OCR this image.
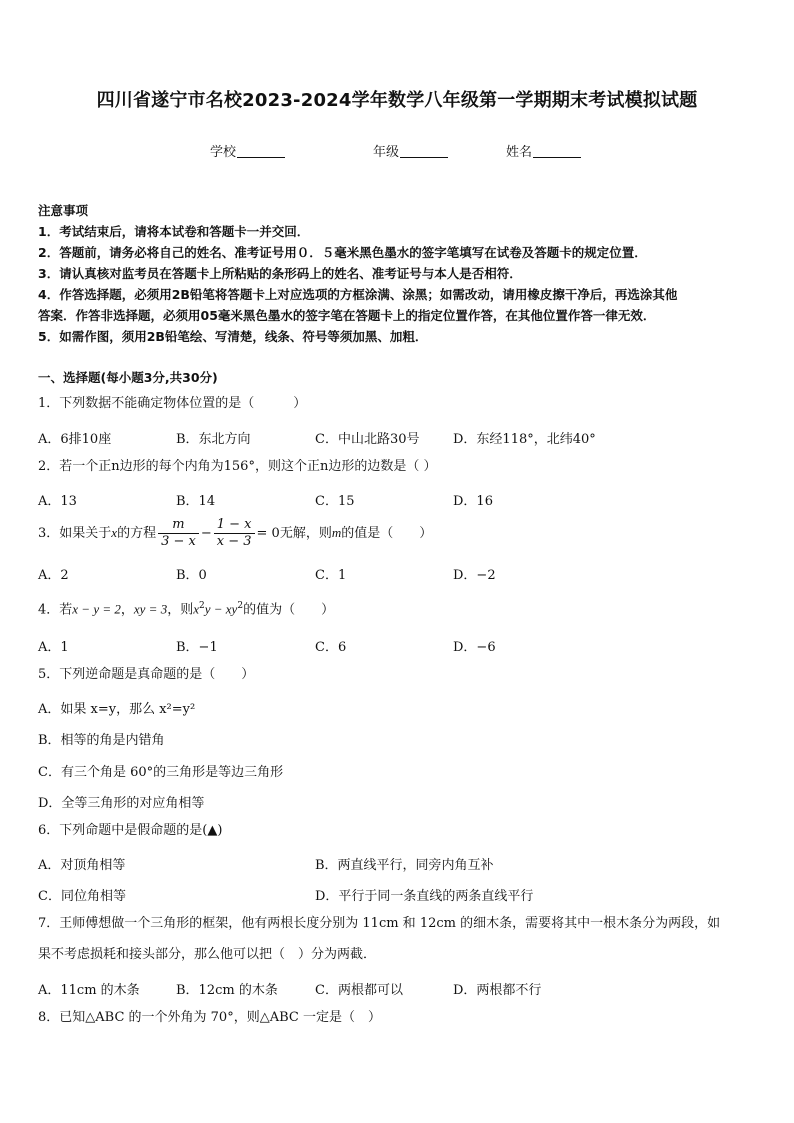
四川省遂宁市名校2023-2024学年数学八年级第一学期期末考试模拟试题
学校	年级	姓名
注意事项
1．考试结束后，请将本试卷和答题卡一并交回．
2．答题前，请务必将自己的姓名、准考证号用０．５毫米黑色墨水的签字笔填写在试卷及答题卡的规定位置．
3．请认真核对监考员在答题卡上所粘贴的条形码上的姓名、准考证号与本人是否相符．
4．作答选择题，必须用2B铅笔将答题卡上对应选项的方框涂满、涂黑；如需改动，请用橡皮擦干净后，再选涂其他
答案．作答非选择题，必须用05毫米黑色墨水的签字笔在答题卡上的指定位置作答，在其他位置作答一律无效．
5．如需作图，须用2B铅笔绘、写清楚，线条、符号等须加黑、加粗．
一、选择题(每小题3分,共30分)
1．下列数据不能确定物体位置的是（　　　）
A．6排10座	B．东北方向	C．中山北路30号	D．东经118°，北纬40°
2．若一个正n边形的每个内角为156°，则这个正n边形的边数是（ ）
A．13	B．14	C．15	D．16
3．如果关于x的方程 $\frac{m}{3 - x} - \frac{1 - x}{x - 3} = 0$无解，则m的值是（　　）
A．2	B．0	C．1	D．−2
4．若x − y = 2，xy = 3，则$x^2y - xy^2$的值为（　　）
A．1	B．−1	C．6	D．−6
5．下列逆命题是真命题的是（　　）
A．如果 x=y，那么 x²=y²
B．相等的角是内错角
C．有三个角是 60°的三角形是等边三角形
D．全等三角形的对应角相等
6．下列命题中是假命题的是(▲)
A．对顶角相等	B．两直线平行，同旁内角互补
C．同位角相等	D．平行于同一条直线的两条直线平行
7．王师傅想做一个三角形的框架，他有两根长度分别为 11cm 和 12cm 的细木条，需要将其中一根木条分为两段，如
果不考虑损耗和接头部分，那么他可以把（　）分为两截．
A．11cm 的木条	B．12cm 的木条	C．两根都可以	D．两根都不行
8．已知△ABC 的一个外角为 70°，则△ABC 一定是（　）
